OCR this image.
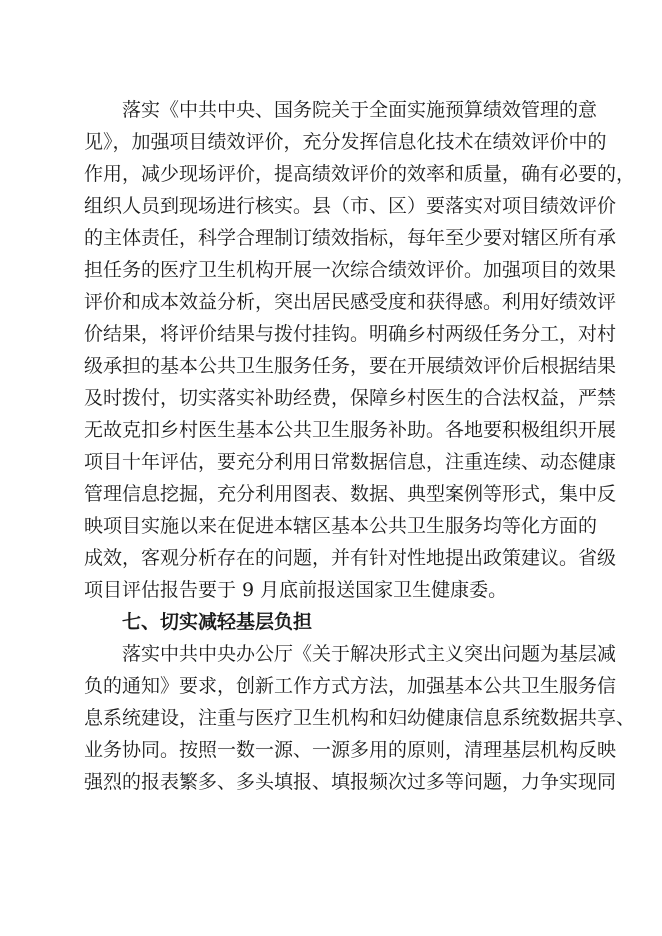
落实《中共中央、国务院关于全面实施预算绩效管理的意
见》，加强项目绩效评价，充分发挥信息化技术在绩效评价中的
作用，减少现场评价，提高绩效评价的效率和质量，确有必要的，
组织人员到现场进行核实。县（市、区）要落实对项目绩效评价
的主体责任，科学合理制订绩效指标，每年至少要对辖区所有承
担任务的医疗卫生机构开展一次综合绩效评价。加强项目的效果
评价和成本效益分析，突出居民感受度和获得感。利用好绩效评
价结果，将评价结果与拨付挂钩。明确乡村两级任务分工，对村
级承担的基本公共卫生服务任务，要在开展绩效评价后根据结果
及时拨付，切实落实补助经费，保障乡村医生的合法权益，严禁
无故克扣乡村医生基本公共卫生服务补助。各地要积极组织开展
项目十年评估，要充分利用日常数据信息，注重连续、动态健康
管理信息挖掘，充分利用图表、数据、典型案例等形式，集中反
映项目实施以来在促进本辖区基本公共卫生服务均等化方面的
成效，客观分析存在的问题，并有针对性地提出政策建议。省级
项目评估报告要于 9 月底前报送国家卫生健康委。
七、切实减轻基层负担
落实中共中央办公厅《关于解决形式主义突出问题为基层减
负的通知》要求，创新工作方式方法，加强基本公共卫生服务信
息系统建设，注重与医疗卫生机构和妇幼健康信息系统数据共享、
业务协同。按照一数一源、一源多用的原则，清理基层机构反映
强烈的报表繁多、多头填报、填报频次过多等问题，力争实现同
